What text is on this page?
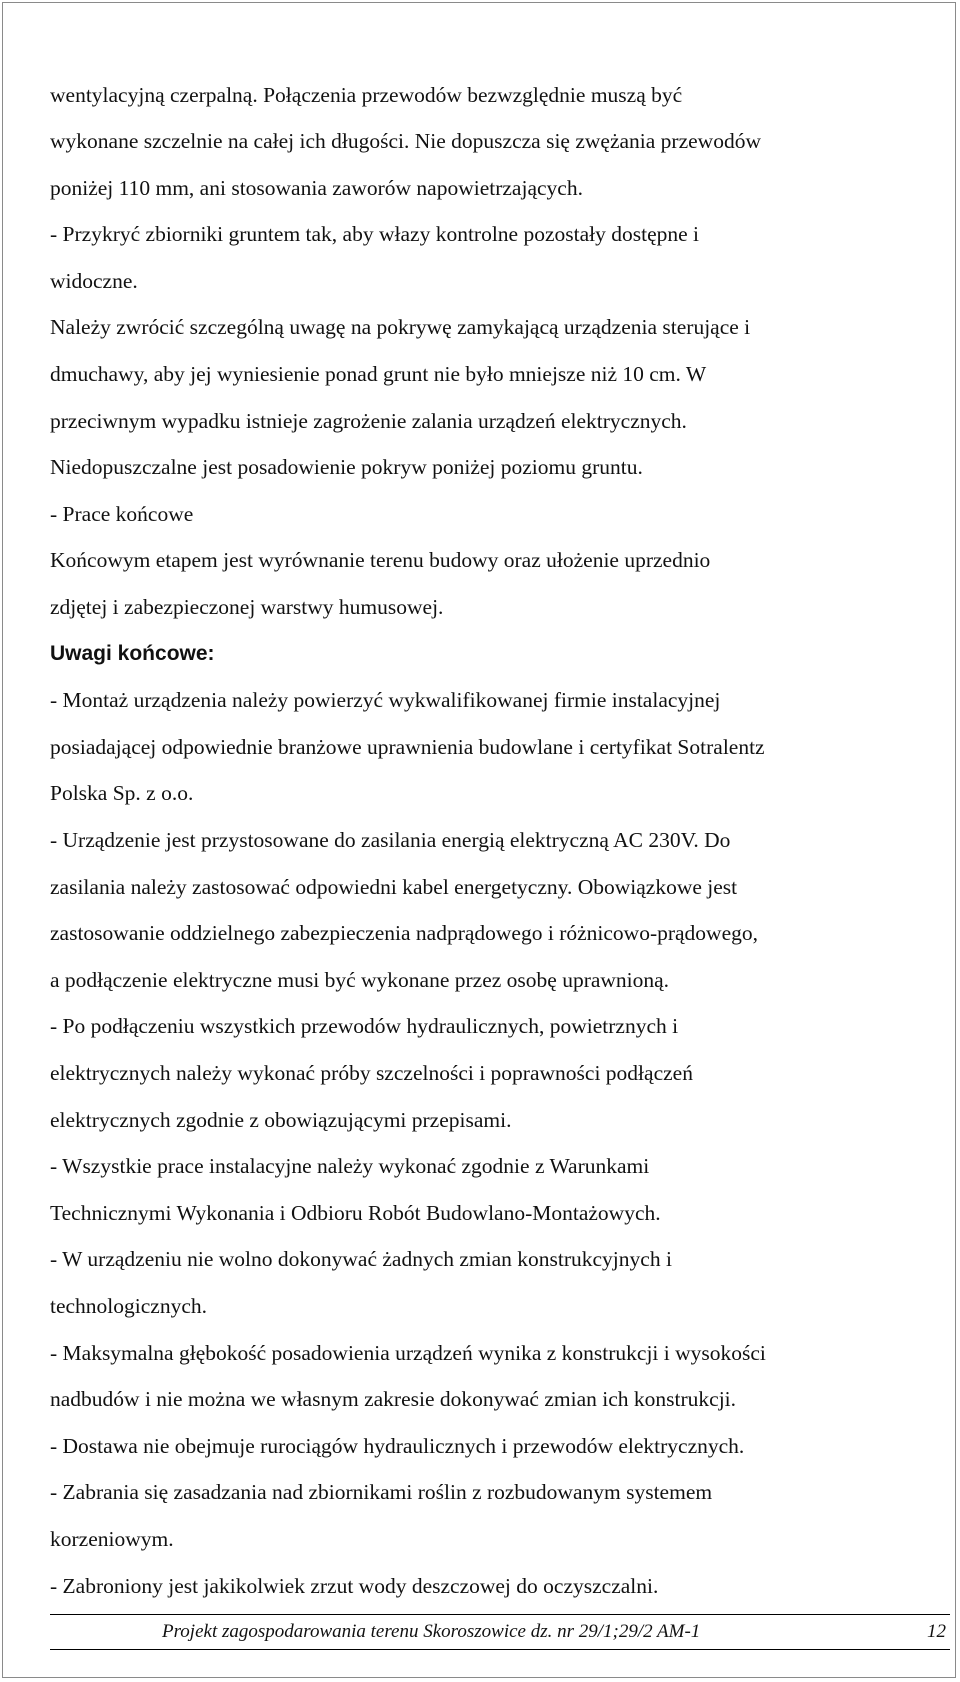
wentylacyjną czerpalną. Połączenia przewodów bezwzględnie muszą być
wykonane szczelnie na całej ich długości. Nie dopuszcza się zwężania przewodów
poniżej 110 mm, ani stosowania zaworów napowietrzających.
- Przykryć zbiorniki gruntem tak, aby włazy kontrolne pozostały dostępne i
widoczne.
Należy zwrócić szczególną uwagę na pokrywę zamykającą urządzenia sterujące i
dmuchawy, aby jej wyniesienie ponad grunt nie było mniejsze niż 10 cm. W
przeciwnym wypadku istnieje zagrożenie zalania urządzeń elektrycznych.
Niedopuszczalne jest posadowienie pokryw poniżej poziomu gruntu.
- Prace końcowe
Końcowym etapem jest wyrównanie terenu budowy oraz ułożenie uprzednio
zdjętej i zabezpieczonej warstwy humusowej.
Uwagi końcowe:
- Montaż urządzenia należy powierzyć wykwalifikowanej firmie instalacyjnej
posiadającej odpowiednie branżowe uprawnienia budowlane i certyfikat Sotralentz
Polska Sp. z o.o.
- Urządzenie jest przystosowane do zasilania energią elektryczną AC 230V. Do
zasilania należy zastosować odpowiedni kabel energetyczny. Obowiązkowe jest
zastosowanie oddzielnego zabezpieczenia nadprądowego i różnicowo-prądowego,
a podłączenie elektryczne musi być wykonane przez osobę uprawnioną.
- Po podłączeniu wszystkich przewodów hydraulicznych, powietrznych i
elektrycznych należy wykonać próby szczelności i poprawności podłączeń
elektrycznych zgodnie z obowiązującymi przepisami.
- Wszystkie prace instalacyjne należy wykonać zgodnie z Warunkami
Technicznymi Wykonania i Odbioru Robót Budowlano-Montażowych.
- W urządzeniu nie wolno dokonywać żadnych zmian konstrukcyjnych i
technologicznych.
- Maksymalna głębokość posadowienia urządzeń wynika z konstrukcji i wysokości
nadbudów i nie można we własnym zakresie dokonywać zmian ich konstrukcji.
- Dostawa nie obejmuje rurociągów hydraulicznych i przewodów elektrycznych.
- Zabrania się zasadzania nad zbiornikami roślin z rozbudowanym systemem
korzeniowym.
- Zabroniony jest jakikolwiek zrzut wody deszczowej do oczyszczalni.
Projekt zagospodarowania terenu Skoroszowice dz. nr 29/1;29/2 AM-1	12
